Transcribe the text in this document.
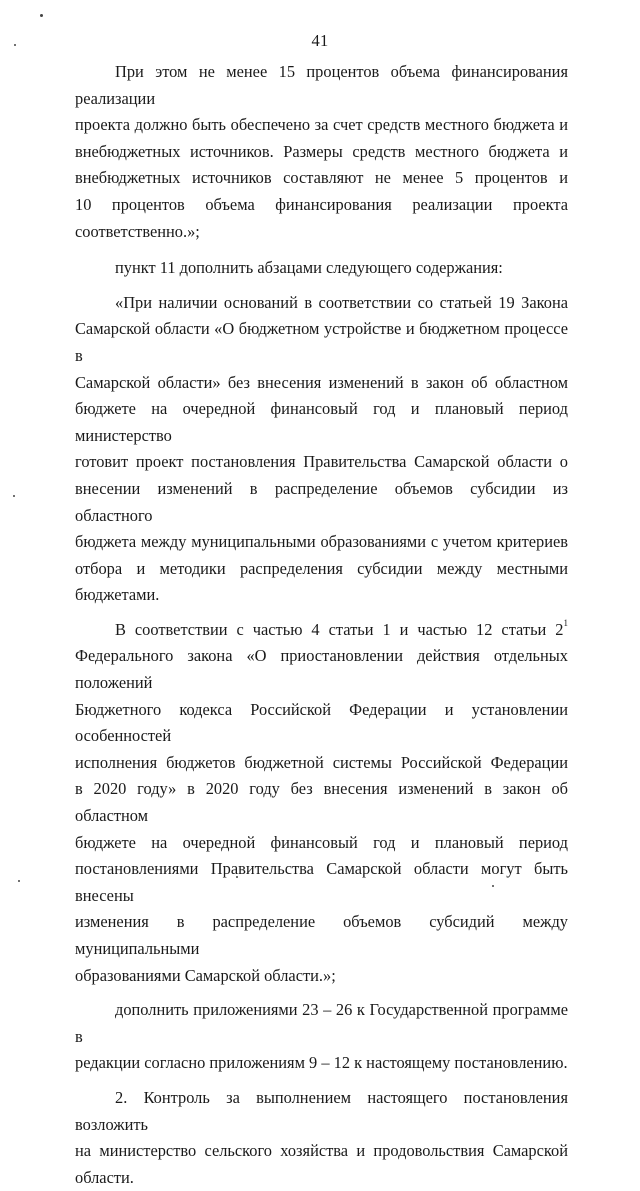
41

При этом не менее 15 процентов объема финансирования реализации
проекта должно быть обеспечено за счет средств местного бюджета и
внебюджетных источников. Размеры средств местного бюджета и
внебюджетных источников составляют не менее 5 процентов и
10 процентов объема финансирования реализации проекта
соответственно.»;

пункт 11 дополнить абзацами следующего содержания:

«При наличии оснований в соответствии со статьей 19 Закона
Самарской области «О бюджетном устройстве и бюджетном процессе в
Самарской области» без внесения изменений в закон об областном
бюджете на очередной финансовый год и плановый период министерство
готовит проект постановления Правительства Самарской области о
внесении изменений в распределение объемов субсидии из областного
бюджета между муниципальными образованиями с учетом критериев
отбора и методики распределения субсидии между местными бюджетами.

В соответствии с частью 4 статьи 1 и частью 12 статьи $2^1$
Федерального закона «О приостановлении действия отдельных положений
Бюджетного кодекса Российской Федерации и установлении особенностей
исполнения бюджетов бюджетной системы Российской Федерации
в 2020 году» в 2020 году без внесения изменений в закон об областном
бюджете на очередной финансовый год и плановый период
постановлениями Правительства Самарской области могут быть внесены
изменения в распределение объемов субсидий между муниципальными
образованиями Самарской области.»;

дополнить приложениями 23 – 26 к Государственной программе в
редакции согласно приложениям 9 – 12 к настоящему постановлению.

2. Контроль за выполнением настоящего постановления возложить
на министерство сельского хозяйства и продовольствия Самарской
области.
